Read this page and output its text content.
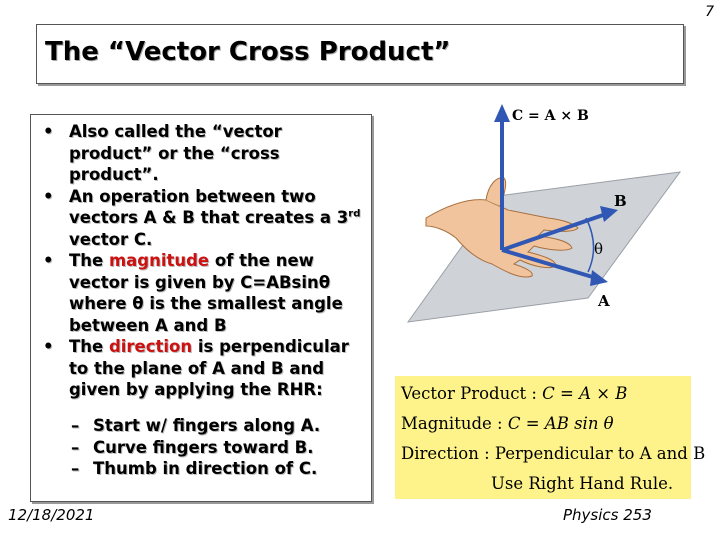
7
The “Vector Cross Product”
• Also called the “vector product” or the “cross product”.
• An operation between two vectors A & B that creates a 3rd vector C.
• The magnitude of the new vector is given by C=ABsinθ where θ is the smallest angle between A and B
• The direction is perpendicular to the plane of A and B and given by applying the RHR:
– Start w/ fingers along A.
– Curve fingers toward B.
– Thumb in direction of C.
C = A × B
B
θ
A
Vector Product : C = A × B
Magnitude : C = AB sin θ
Direction : Perpendicular to A and B
Use Right Hand Rule.
12/18/2021	Physics 253
